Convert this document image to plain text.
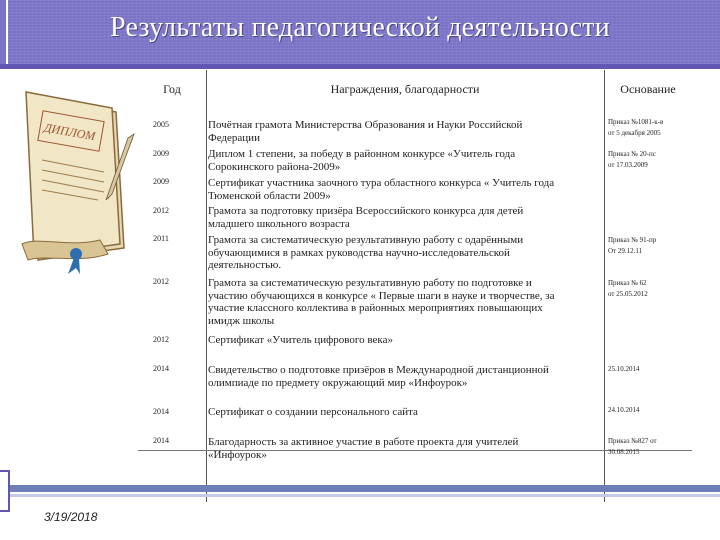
Результаты педагогической деятельности
ДИПЛОМ
Год	Награждения, благодарности	Основание
2005
2009
2009
2012
2011
2012
2012
2014
2014
2014
Почётная грамота Министерства Образования и Науки Российской
Федерации
Диплом 1 степени, за победу в районном конкурсе «Учитель года
Сорокинского района-2009»
Сертификат участника заочного тура областного конкурса « Учитель года
Тюменской области 2009»
Грамота за подготовку призёра Всероссийского конкурса для детей
младшего школьного возраста
Грамота за систематическую результативную работу с одарёнными
обучающимися в рамках руководства научно-исследовательской
деятельностью.
Грамота за систематическую результативную работу по подготовке и
участию обучающихся в конкурсе « Первые шаги в науке и творчестве, за
участие классного коллектива в районных мероприятиях повышающих
имидж школы
Сертификат «Учитель цифрового века»
Свидетельство о подготовке призёров в Международной дистанционной
олимпиаде по предмету окружающий мир «Инфоурок»
Сертификат о создании персонального сайта
Благодарность за активное участие в работе проекта для учителей
«Инфоурок»
Приказ №1081-к-в
от 5 декабря 2005
Приказ № 20-пс
от 17.03.2009
Приказ № 91-пр
От 29.12.11
Приказ № 62
от 25.05.2012
25.10.2014
24.10.2014
Приказ №827 от
30.08.2015
3/19/2018
